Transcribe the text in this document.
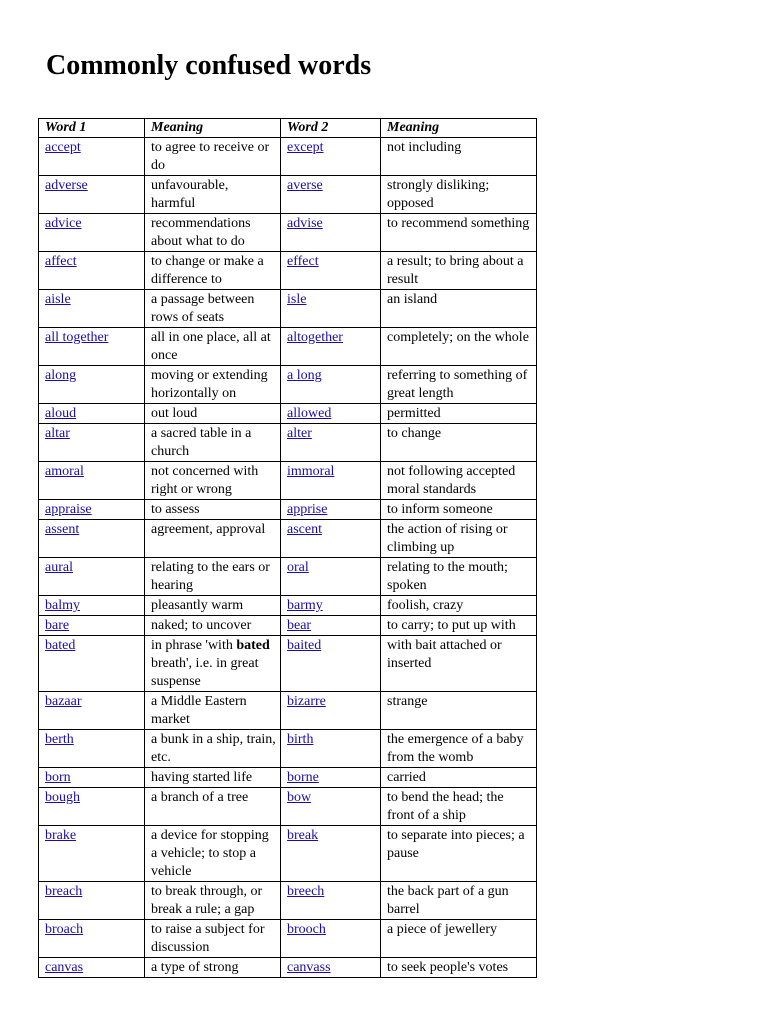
Commonly confused words
Word 1	Meaning	Word 2	Meaning
accept	to agree to receive or do	except	not including
adverse	unfavourable, harmful	averse	strongly disliking; opposed
advice	recommendations about what to do	advise	to recommend something
affect	to change or make a difference to	effect	a result; to bring about a result
aisle	a passage between rows of seats	isle	an island
all together	all in one place, all at once	altogether	completely; on the whole
along	moving or extending horizontally on	a long	referring to something of great length
aloud	out loud	allowed	permitted
altar	a sacred table in a church	alter	to change
amoral	not concerned with right or wrong	immoral	not following accepted moral standards
appraise	to assess	apprise	to inform someone
assent	agreement, approval	ascent	the action of rising or climbing up
aural	relating to the ears or hearing	oral	relating to the mouth; spoken
balmy	pleasantly warm	barmy	foolish, crazy
bare	naked; to uncover	bear	to carry; to put up with
bated	in phrase 'with bated breath', i.e. in great suspense	baited	with bait attached or inserted
bazaar	a Middle Eastern market	bizarre	strange
berth	a bunk in a ship, train, etc.	birth	the emergence of a baby from the womb
born	having started life	borne	carried
bough	a branch of a tree	bow	to bend the head; the front of a ship
brake	a device for stopping a vehicle; to stop a vehicle	break	to separate into pieces; a pause
breach	to break through, or break a rule; a gap	breech	the back part of a gun barrel
broach	to raise a subject for discussion	brooch	a piece of jewellery
canvas	a type of strong	canvass	to seek people's votes
